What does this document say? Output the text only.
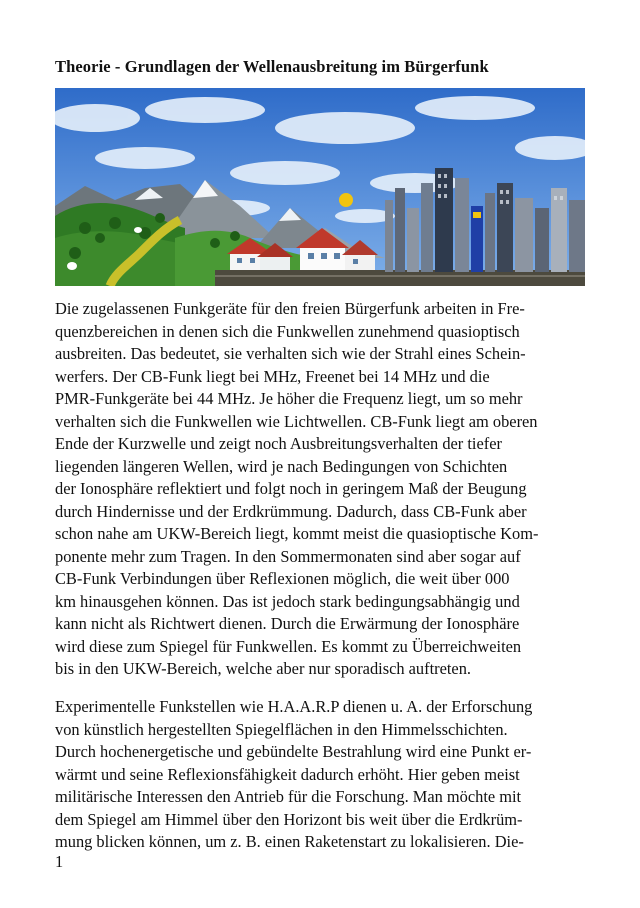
Theorie - Grundlagen der Wellenausbreitung im Bürgerfunk
Die zugelassenen Funkgeräte für den freien Bürgerfunk arbeiten in Fre-
quenzbereichen in denen sich die Funkwellen zunehmend quasioptisch
ausbreiten. Das bedeutet, sie verhalten sich wie der Strahl eines Schein-
werfers. Der CB-Funk liegt bei MHz, Freenet bei 14 MHz und die
PMR-Funkgeräte bei 44 MHz. Je höher die Frequenz liegt, um so mehr
verhalten sich die Funkwellen wie Lichtwellen. CB-Funk liegt am oberen
Ende der Kurzwelle und zeigt noch Ausbreitungsverhalten der tiefer
liegenden längeren Wellen, wird je nach Bedingungen von Schichten
der Ionosphäre reflektiert und folgt noch in geringem Maß der Beugung
durch Hindernisse und der Erdkrümmung. Dadurch, dass CB-Funk aber
schon nahe am UKW-Bereich liegt, kommt meist die quasioptische Kom-
ponente mehr zum Tragen. In den Sommermonaten sind aber sogar auf
CB-Funk Verbindungen über Reflexionen möglich, die weit über 000
km hinausgehen können. Das ist jedoch stark bedingungsabhängig und
kann nicht als Richtwert dienen. Durch die Erwärmung der Ionosphäre
wird diese zum Spiegel für Funkwellen. Es kommt zu Überreichweiten
bis in den UKW-Bereich, welche aber nur sporadisch auftreten.
Experimentelle Funkstellen wie H.A.A.R.P dienen u. A. der Erforschung
von künstlich hergestellten Spiegelflächen in den Himmelsschichten.
Durch hochenergetische und gebündelte Bestrahlung wird eine Punkt er-
wärmt und seine Reflexionsfähigkeit dadurch erhöht. Hier geben meist
militärische Interessen den Antrieb für die Forschung. Man möchte mit
dem Spiegel am Himmel über den Horizont bis weit über die Erdkrüm-
mung blicken können, um z. B. einen Raketenstart zu lokalisieren. Die-
1
